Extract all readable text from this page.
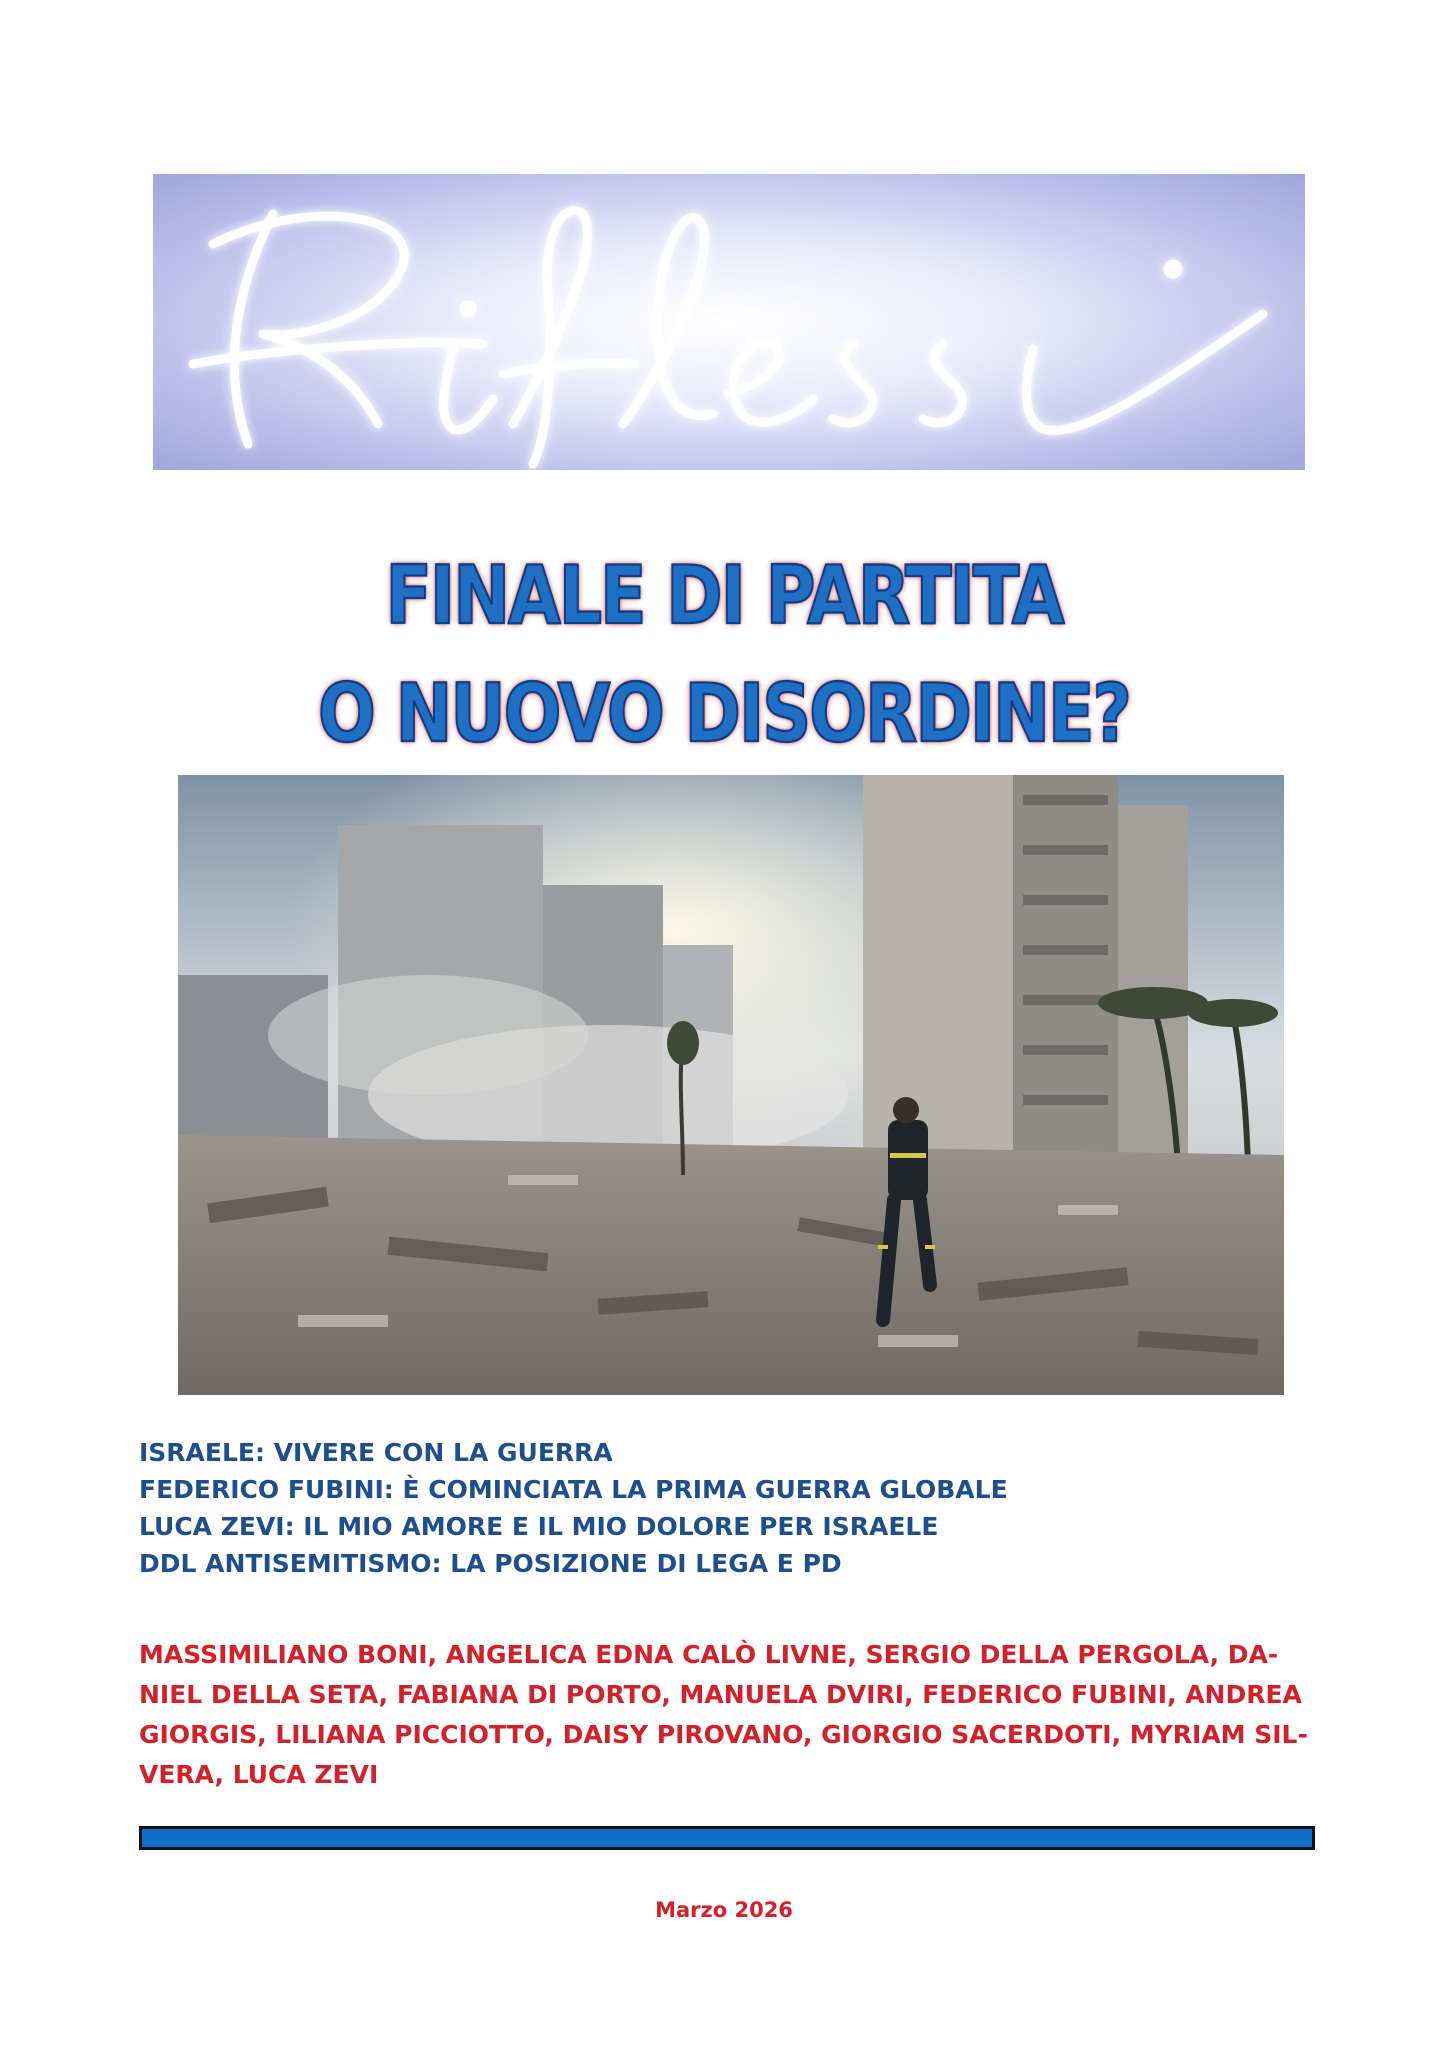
FINALE DI PARTITA
O NUOVO DISORDINE?
ISRAELE: VIVERE CON LA GUERRA
FEDERICO FUBINI: È COMINCIATA LA PRIMA GUERRA GLOBALE
LUCA ZEVI: IL MIO AMORE E IL MIO DOLORE PER ISRAELE
DDL ANTISEMITISMO: LA POSIZIONE DI LEGA E PD
MASSIMILIANO BONI, ANGELICA EDNA CALÒ LIVNE, SERGIO DELLA PERGOLA, DA-
NIEL DELLA SETA, FABIANA DI PORTO, MANUELA DVIRI, FEDERICO FUBINI, ANDREA
GIORGIS, LILIANA PICCIOTTO, DAISY PIROVANO, GIORGIO SACERDOTI, MYRIAM SIL-
VERA, LUCA ZEVI
Marzo 2026
